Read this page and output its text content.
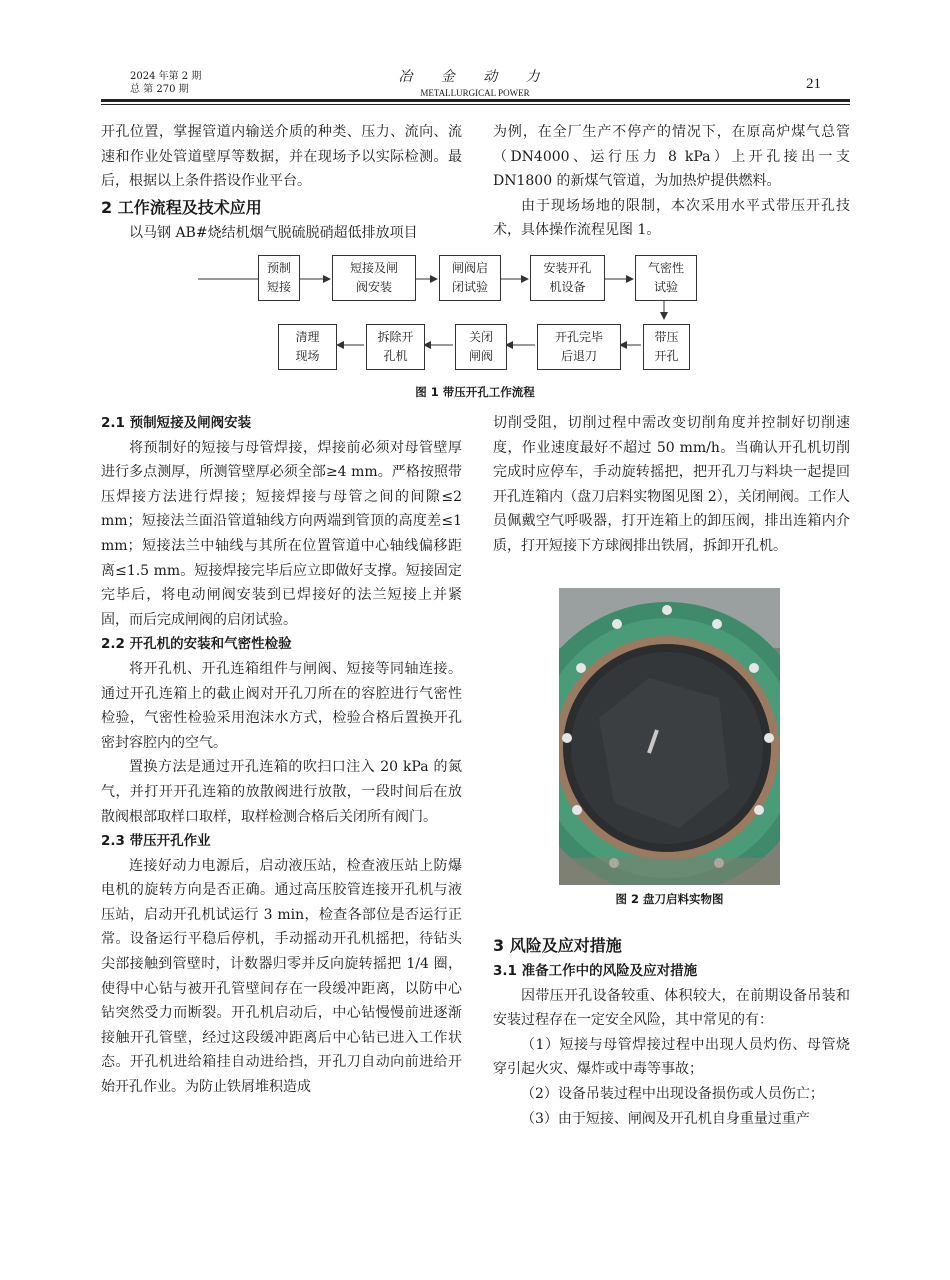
2024 年第 2 期
总 第 270 期
冶 金 动 力
METALLURGICAL POWER
21

开孔位置，掌握管道内输送介质的种类、压力、流向、流速和作业处管道壁厚等数据，并在现场予以实际检测。最后，根据以上条件搭设作业平台。

2 工作流程及技术应用

以马钢 AB#烧结机烟气脱硫脱硝超低排放项目

为例，在全厂生产不停产的情况下，在原高炉煤气总管（DN4000、运行压力 8 kPa）上开孔接出一支 DN1800 的新煤气管道，为加热炉提供燃料。

由于现场场地的限制，本次采用水平式带压开孔技术，具体操作流程见图 1。

预制
短接
短接及闸
阀安装
闸阀启
闭试验
安装开孔
机设备
气密性
试验
清理
现场
拆除开
孔机
关闭
闸阀
开孔完毕
后退刀
带压
开孔
图 1 带压开孔工作流程
2.1 预制短接及闸阀安装

将预制好的短接与母管焊接，焊接前必须对母管壁厚进行多点测厚，所测管壁厚必须全部≥4 mm。严格按照带压焊接方法进行焊接；短接焊接与母管之间的间隙≤2 mm；短接法兰面沿管道轴线方向两端到管顶的高度差≤1 mm；短接法兰中轴线与其所在位置管道中心轴线偏移距离≤1.5 mm。短接焊接完毕后应立即做好支撑。短接固定完毕后，将电动闸阀安装到已焊接好的法兰短接上并紧固，而后完成闸阀的启闭试验。

2.2 开孔机的安装和气密性检验

将开孔机、开孔连箱组件与闸阀、短接等同轴连接。通过开孔连箱上的截止阀对开孔刀所在的容腔进行气密性检验，气密性检验采用泡沫水方式，检验合格后置换开孔密封容腔内的空气。

置换方法是通过开孔连箱的吹扫口注入 20 kPa 的氮气，并打开开孔连箱的放散阀进行放散，一段时间后在放散阀根部取样口取样，取样检测合格后关闭所有阀门。

2.3 带压开孔作业

连接好动力电源后，启动液压站，检查液压站上防爆电机的旋转方向是否正确。通过高压胶管连接开孔机与液压站，启动开孔机试运行 3 min，检查各部位是否运行正常。设备运行平稳后停机，手动摇动开孔机摇把，待钻头尖部接触到管壁时，计数器归零并反向旋转摇把 1/4 圈，使得中心钻与被开孔管壁间存在一段缓冲距离，以防中心钻突然受力而断裂。开孔机启动后，中心钻慢慢前进逐渐接触开孔管壁，经过这段缓冲距离后中心钻已进入工作状态。开孔机进给箱挂自动进给挡，开孔刀自动向前进给开始开孔作业。为防止铁屑堆积造成

切削受阻，切削过程中需改变切削角度并控制好切削速度，作业速度最好不超过 50 mm/h。当确认开孔机切削完成时应停车，手动旋转摇把，把开孔刀与料块一起提回开孔连箱内（盘刀启料实物图见图 2），关闭闸阀。工作人员佩戴空气呼吸器，打开连箱上的卸压阀，排出连箱内介质，打开短接下方球阀排出铁屑，拆卸开孔机。

图 2 盘刀启料实物图
3 风险及应对措施
3.1 准备工作中的风险及应对措施

因带压开孔设备较重、体积较大，在前期设备吊装和安装过程存在一定安全风险，其中常见的有：

（1）短接与母管焊接过程中出现人员灼伤、母管烧穿引起火灾、爆炸或中毒等事故；

（2）设备吊装过程中出现设备损伤或人员伤亡；

（3）由于短接、闸阀及开孔机自身重量过重产
